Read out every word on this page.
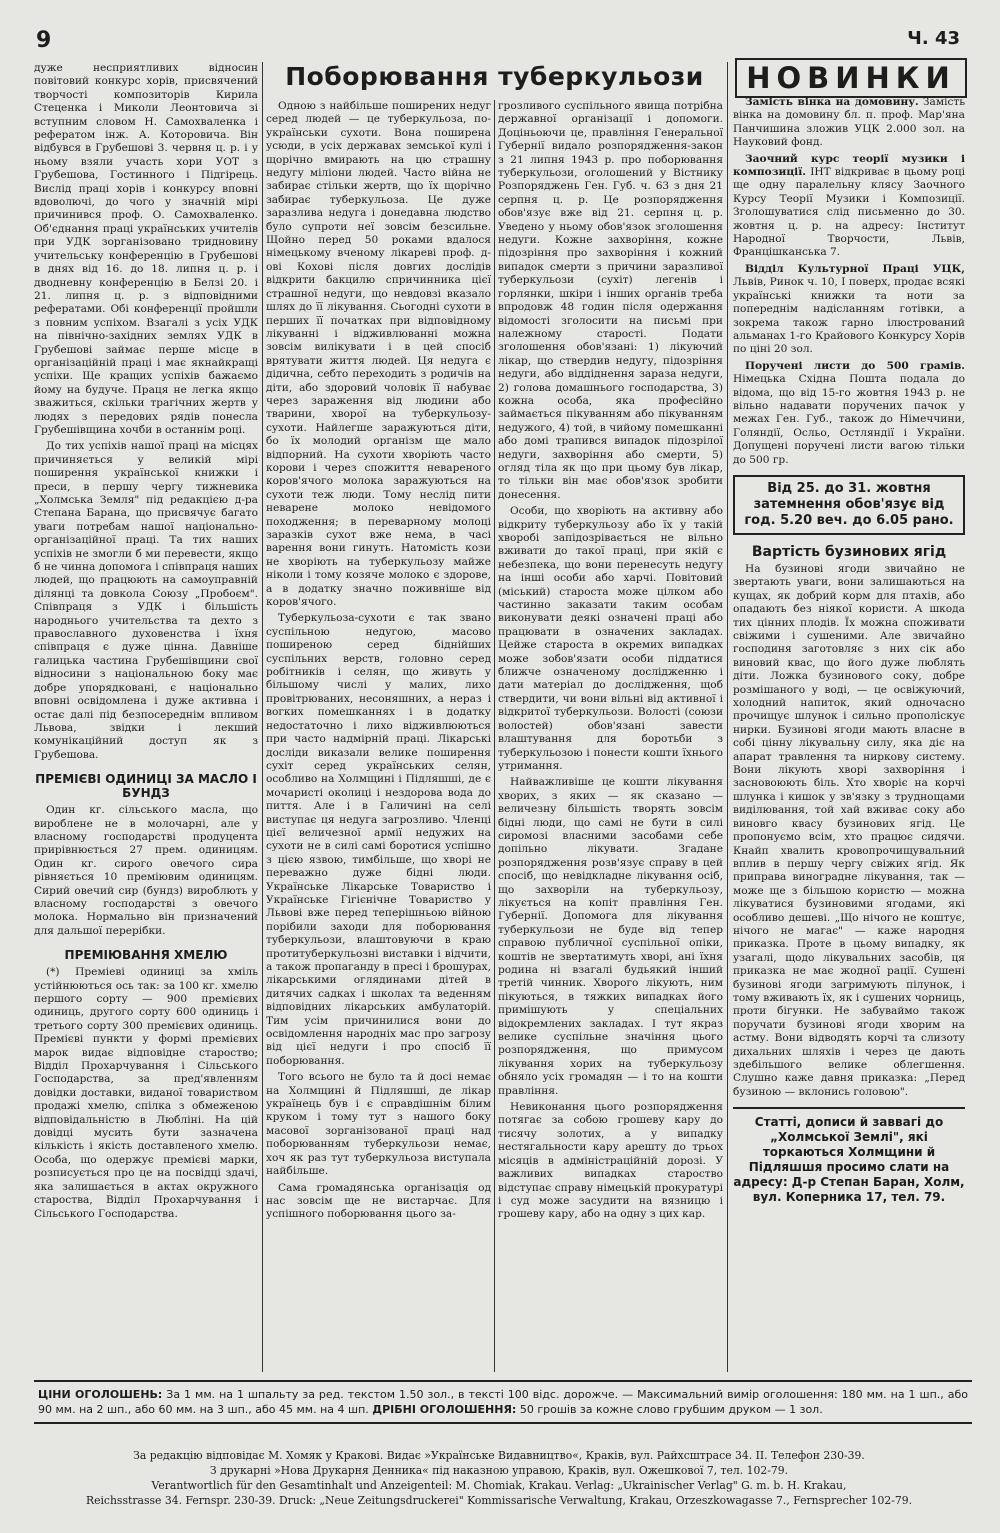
9	Ч. 43

дуже несприятливих відносин повітовий конкурс хорів, присвячений творчості композиторів Кирила Стеценка і Миколи Леонтовича зі вступним словом Н. Самохваленка і рефератом інж. А. Которовича. Він відбувся в Грубешові 3. червня ц. р. і у ньому взяли участь хори УОТ з Грубешова, Гостинного і Підгірець. Вислід праці хорів і конкурсу вповні вдоволючі, до чого у значній мірі причинився проф. О. Самохваленко. Об'єднання праці українських учителів при УДК зорганізовано тридновину учительську конференцію в Грубешові в днях від 16. до 18. липня ц. р. і дводневну конференцію в Белзі 20. і 21. липня ц. р. з відповідними рефератами. Обі конференції пройшли з повним успіхом. Взагалі з усіх УДК на північно-західних землях УДК в Грубешові займає перше місце в організаційній праці і має якнайкращі успіхи. Ще кращих успіхів бажаємо йому на будуче. Праця не легка якщо зважиться, скільки трагічних жертв у людях з передових рядів понесла Грубешівщина хочби в останнім році.

До тих успіхів нашої праці на місцях причиняється у великій мірі поширення української книжки і преси, в першу чергу тижневика „Холмська Земля" під редакцією д-ра Степана Барана, що присвячує багато уваги потребам нашої національно-організаційної праці. Та тих наших успіхів не змогли б ми перевести, якщо б не чинна допомога і співпраця наших людей, що працюють на самоуправній ділянці та довкола Союзу „Пробоєм". Співпраця з УДК і більшість народнього учительства та дехто з православного духовенства і їхня співпраця є дуже цінна. Давніше галицька частина Грубешівщини свої відносини з національною боку має добре упорядковані, є національно вповні освідомлена і дуже активна і остає далі під безпосереднім впливом Львова, звідки і лекший комунікаційний доступ як з Грубешова.

ПРЕМІЄВІ ОДИНИЦІ ЗА МАСЛО І БУНДЗ

Один кг. сільського масла, що вироблене не в молочарні, але у власному господарстві продуцента прирівнюється 27 прем. одиницям. Один кг. сирого овечого сира рівняється 10 преміювим одиницям. Сирий овечий сир (бундз) вироблють у власному господарстві з овечого молока. Нормально він призначений для дальшої перерібки.

ПРЕМІЮВАННЯ ХМЕЛЮ

(*) Преміеві одиниці за хміль устійнюються ось так: за 100 кг. хмелю першого сорту — 900 премієвих одиниць, другого сорту 600 одиниць і третього сорту 300 премієвих одиниць. Премієві пункти у формі премієвих марок видає відповідне староство; Відділ Прохарчування і Сільського Господарства, за пред'явленням довідки доставки, виданої товариством продажі хмелю, спілка з обмеженою відповідальністю в Любліні. На цій довідці мусить бути зазначена кількість і якість доставленого хмелю. Особа, що одержує премієві марки, розписується про це на посвідці здачі, яка залишається в актах окружного староства, Відділ Прохарчування і Сільського Господарства.

Поборювання туберкульози

Одною з найбільше поширених недуг серед людей — це туберкульоза, по-українськи сухоти. Вона поширена усюди, в усіх державах земської кулі і щорічно вмирають на цю страшну недугу міліони людей. Часто війна не забирає стільки жертв, що їх щорічно забирає туберкульоза. Це дуже заразлива недуга і донедавна людство було супроти неї зовсім безсильне. Щойно перед 50 роками вдалося німецькому вченому лікареві проф. д-ові Кохові після довгих дослідів відкрити бакцилю спричинника цієї страшної недуги, що невдовзі вказало шлях до її лікування. Сьогодні сухоти в перших її початках при відповідному лікуванні і відживлюванні можна зовсім вилікувати і в цей спосіб врятувати життя людей. Ця недуга є дідична, себто переходить з родичів на діти, або здоровий чоловік її набуває через зараження від людини або тварини, хворої на туберкульозу-сухоти. Найлегше заражуються діти, бо їх молодий організм ще мало відпорний. На сухоти хворіють часто корови і через спожиття невареного коров'ячого молока заражуються на сухоти теж люди. Тому неслід пити неварене молоко невідомого походження; в переварному молоці заразків сухот вже нема, в часі варення вони гинуть. Натомість кози не хворіють на туберкульозу майже ніколи і тому козяче молоко є здорове, а в додатку значно поживніше від коров'ячого.

Туберкульоза-сухоти є так звано суспільною недугою, масово поширеною серед біднійших суспільних верств, головно серед робітників і селян, що живуть у більшому числі у малих, лихо провітрюваних, несоняшних, а нераз і вогких помешканнях і в додатку недостаточно і лихо відживлюються при часто надмірній праці. Лікарські досліди виказали велике поширення сухіт серед українських селян, особливо на Холмщині і Підляшші, де є мочаристі околиці і нездорова вода до пиття. Але і в Галичині на селі виступає ця недуга загрозливо. Членці цієї величезної армії недужих на сухоти не в силі самі боротися успішно з цією язвою, тимбільше, що хворі не переважно дуже бідні люди. Українське Лікарське Товариство і Українське Гігієнічне Товариство у Львові вже перед теперішньою війною порібили заходи для поборювання туберкульози, влаштовуючи в краю протитуберкульозні виставки і відчити, а також пропаганду в пресі і брошурах, лікарськими оглядинами дітей в дитячих садках і школах та веденням відповідних лікарських амбулаторій. Тим усім причинилися вони до освідомлення народніх мас про загрозу від цієї недуги і про спосіб її поборювання.

Того всього не було та й досі немає на Холмщині й Підляшші, де лікар українець був і є справдішнім білим круком і тому тут з нашого боку масової зорганізованої праці над поборюванням туберкульози немає, хоч як раз тут туберкульоза виступала найбільше.

Сама громадянська організація од нас зовсім ще не вистарчає. Для успішного поборювання цього за-

грозливого суспільного явища потрібна державної організації і допомоги. Доціньоючи це, правління Генеральної Губернії видало розпорядження-закон з 21 липня 1943 р. про поборювання туберкульози, оголошений у Вістнику Розпоряджень Ген. Губ. ч. 63 з дня 21 серпня ц. р. Це розпорядження обов'язує вже від 21. серпня ц. р. Уведено у ньому обов'язок зголошення недуги. Кожне захворіння, кожне підозріння про захворіння і кожний випадок смерти з причини заразливої туберкульози (сухіт) легенів і горлянки, шкіри і інших органів треба впродовж 48 годин після одержання відомості зголосити на письмі при належному старості. Подати зголошення обов'язані: 1) лікуючий лікар, що ствердив недугу, підозріння недуги, або віддіднення зараза недуги, 2) голова домашнього господарства, 3) кожна особа, яка професійно займається пікуванням або пікуванням недужого, 4) той, в чийому помешканні або домі трапився випадок підозрілої недуги, захворіння або смерти, 5) огляд тіла як що при цьому був лікар, то тільки він має обов'язок зробити донесення.

Особи, що хворіють на активну або відкриту туберкульозу або їх у такій хворобі запідозрівається не вільно вживати до такої праці, при якій є небезпека, що вони перенесуть недугу на інші особи або харчі. Повітовий (міський) староста може цілком або частинно заказати таким особам виконувати деякі означені праці або працювати в означених закладах. Цейже староста в окремих випадках може зобов'язати особи піддатися ближче означеному дослідженню і дати матеріал до дослідження, щоб ствердити, чи вони вільні від активної і відкритої туберкульози. Волості (союзи волостей) обов'язані завести влаштування для боротьби з туберкульозою і понести кошти їхнього утримання.

Найважливіше це кошти лікування хворих, з яких — як сказано — величезну більшість творять зовсім бідні люди, що самі не бути в силі сиромозі власними засобами себе допільно лікувати. Згадане розпорядження розв'язує справу в цей спосіб, що невідкладне лікування осіб, що захворіли на туберкульозу, лікується на копіт правління Ген. Губернії. Допомога для лікування туберкульози не буде від тепер справою публичної суспільної опіки, коштів не звертатимуть хворі, ані їхня родина ні взагалі будьякий інший третій чинник. Хворого лікують, ним пікуються, в тяжких випадках його примішують у спеціальних відокремлених закладах. І тут якраз велике суспільне значіння цього розпорядження, що примусом лікування хорих на туберкульозу обняло усіх громадян — і то на кошти правління.

Невиконання цього розпорядження потягає за собою грошеву кару до тисячу золотих, а у випадку нестягальности кару арешту до трьох місяців в адміністраційній дорозі. У важливих випадках староство відступає справу німецькій прокуратурі і суд може засудити на вязницю і грошеву кару, або на одну з цих кар.

НОВИНКИ

Замість вінка на домовину. Замість вінка на домовину бл. п. проф. Мар'яна Панчишина зложив УЦК 2.000 зол. на Науковий фонд.

Заочний курс теорії музики і композиції. ІНТ відкриває в цьому році ще одну паралельну клясу Заочного Курсу Теорії Музики і Композиції. Зголошуватися слід письменно до 30. жовтня ц. р. на адресу: Інститут Народної Творчости, Львів, Францішканська 7.

Відділ Культурної Праці УЦК, Львів, Ринок ч. 10, І поверх, продає всякі українські книжки та ноти за попереднім надісланням готівки, а зокрема також гарно ілюстрований альманах 1-го Крайового Конкурсу Хорів по ціні 20 зол.

Поручені листи до 500 грамів. Німецька Східна Пошта подала до відома, що від 15-го жовтня 1943 р. не вільно надавати поручених пачок у межах Ген. Губ., також до Німеччини, Голяндії, Осльо, Остляндії і України. Допущені поручені листи вагою тільки до 500 гр.

Від 25. до 31. жовтня затемнення обов'язує від год. 5.20 веч. до 6.05 рано.
Вартість бузинових ягід

На бузинові ягоди звичайно не звертають уваги, вони залишаються на кущах, як добрий корм для птахів, або опадають без ніякої користи. А шкода тих цінних плодів. Їх можна споживати свіжими і сушеними. Але звичайно господиня заготовляє з них сік або виновий квас, що його дуже люблять діти. Ложка бузинового соку, добре розмішаного у воді, — це освіжуючий, холодний напиток, який одночасно прочищує шлунок і сильно прополіскує нирки. Бузинові ягоди мають власне в собі цінну лікувальну силу, яка діє на апарат травлення та ниркову систему. Вони лікують хворі захворіння і засновоюють біль. Хто хворіє на корчі шлунка і кишок у зв'язку з труднощами виділювання, той хай вживає соку або виновго квасу бузинових ягід. Це пропонуємо всім, хто працює сидячи. Кнайп хвалить кровопрочищувальний вплив в першу чергу свіжих ягід. Як приправа виноградне лікування, так — може ще з більшою користю — можна лікуватися бузиновими ягодами, які особливо дешеві. „Що нічого не коштує, нічого не магає" — каже народня приказка. Проте в цьому випадку, як узагалі, щодо лікувальних засобів, ця приказка не має жодної рації. Сушені бузинові ягоди загримують пілунок, і тому вживають їх, як і сушених чорниць, проти бігунки. Не забуваймо також поручати бузинові ягоди хворим на астму. Вони відводять корчі та слизоту дихальних шляхів і через це дають здебільшого велике облегшення. Слушно каже давня приказка: „Перед бузиною — вклонись головою".

Статті, дописи й заввагі до „Холмської Землі", які торкаються Холмщини й Підляшшя просимо слати на адресу: Д-р Степан Баран, Холм, вул. Коперника 17, тел. 79.
ЦІНИ ОГОЛОШЕНЬ: За 1 мм. на 1 шпальту за ред. текстом 1.50 зол., в тексті 100 відс. дорожче. — Максимальний вимір оголошення: 180 мм. на 1 шп., або 90 мм. на 2 шп., або 60 мм. на 3 шп., або 45 мм. на 4 шп. ДРІБНІ ОГОЛОШЕННЯ: 50 грошів за кожне слово грубшим друком — 1 зол.
За редакцію відповідає М. Хомяк у Кракові. Видає »Українське Видавництво«, Краків, вул. Райхсштрасе 34. II. Телефон 230-39.
З друкарні »Нова Друкарня Денника« під наказною управою, Краків, вул. Ожешкової 7, тел. 102-79.
Verantwortlich für den Gesamtinhalt und Anzeigenteil: M. Chomiak, Krakau. Verlag: „Ukrainischer Verlag" G. m. b. H. Krakau,
Reichsstrasse 34. Fernspr. 230-39. Druck: „Neue Zeitungsdruckerei" Kommissarische Verwaltung, Krakau, Orzeszkowagasse 7., Fernsprecher 102-79.
